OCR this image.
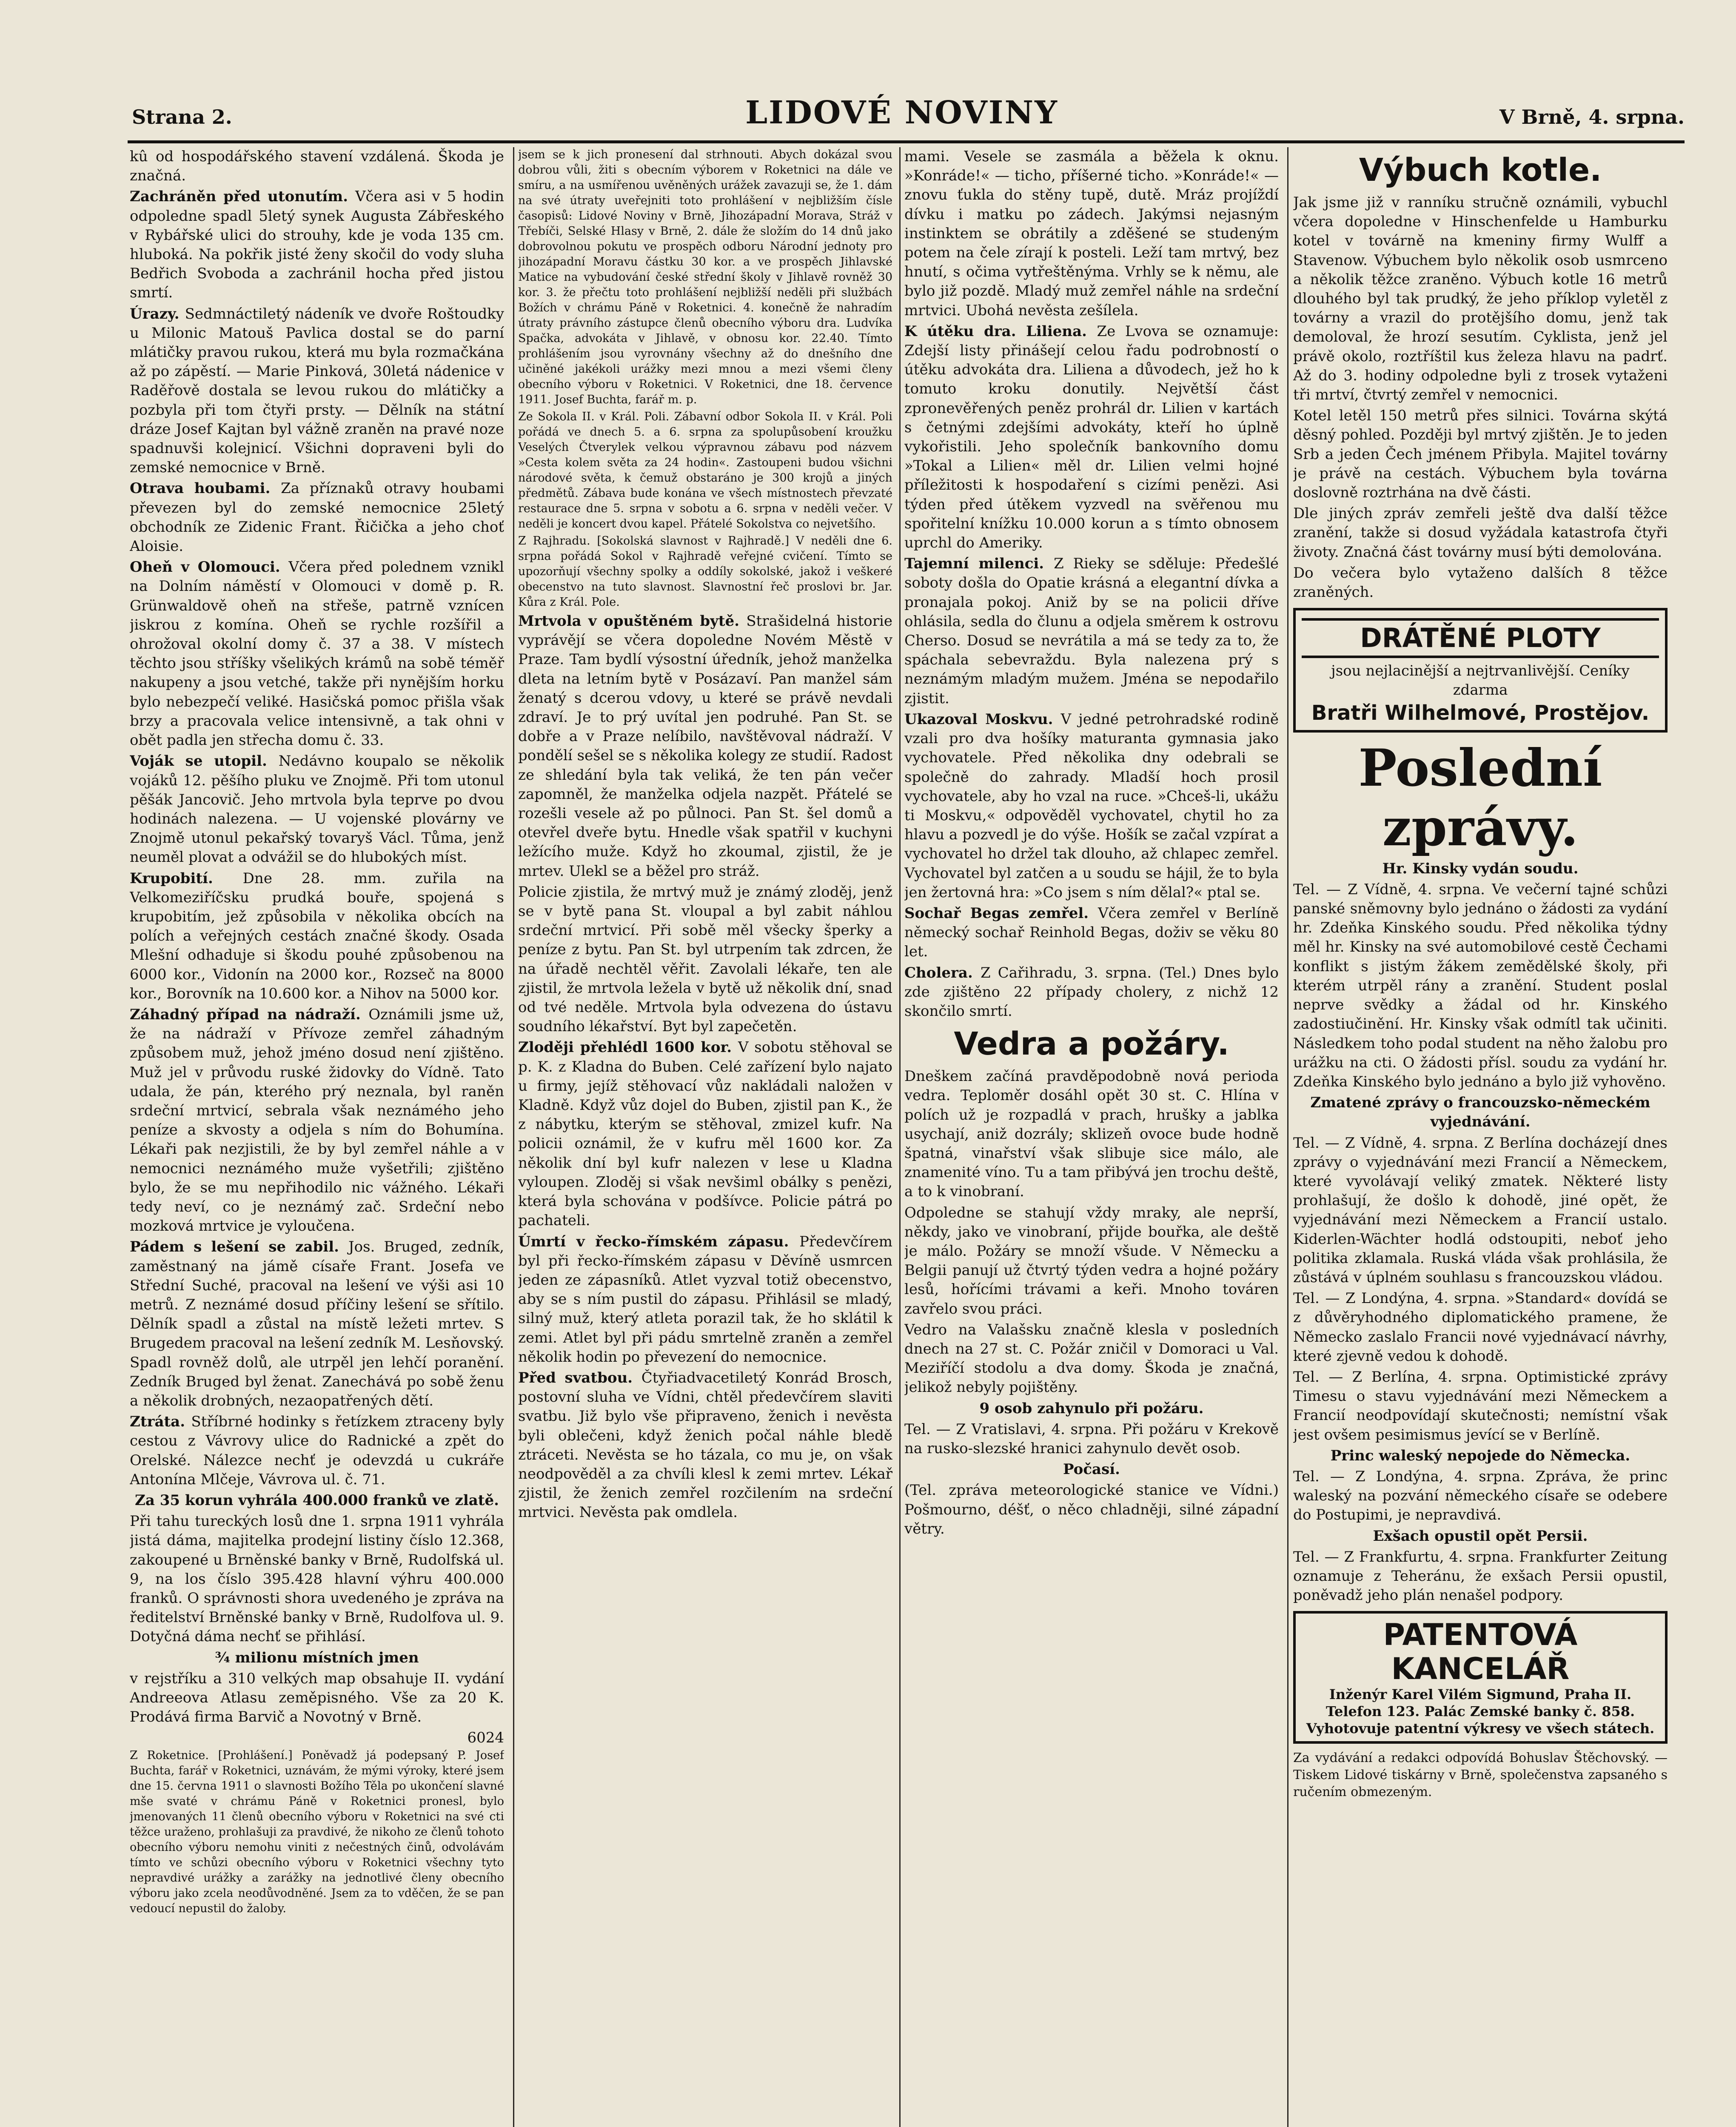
Strana 2.	LIDOVÉ NOVINY	V Brně, 4. srpna.

kû od hospodářského stavení vzdálená. Škoda je značná.

Zachráněn před utonutím. Včera asi v 5 hodin odpoledne spadl 5letý synek Augusta Zábřeského v Rybářské ulici do strouhy, kde je voda 135 cm. hluboká. Na pokřik jisté ženy skočil do vody sluha Bedřich Svoboda a zachránil hocha před jistou smrtí.

Úrazy. Sedmnáctiletý nádeník ve dvoře Roštoudky u Milonic Matouš Pavlica dostal se do parní mlátičky pravou rukou, která mu byla rozmačkána až po zápěstí. — Marie Pinková, 30letá nádenice v Raděřově dostala se levou rukou do mlátičky a pozbyla při tom čtyři prsty. — Dělník na státní dráze Josef Kajtan byl vážně zraněn na pravé noze spadnuvši kolejnicí. Všichni dopraveni byli do zemské nemocnice v Brně.

Otrava houbami. Za příznaků otravy houbami převezen byl do zemské nemocnice 25letý obchodník ze Zidenic Frant. Řičička a jeho choť Aloisie.

Oheň v Olomouci. Včera před polednem vznikl na Dolním náměstí v Olomouci v domě p. R. Grünwaldově oheň na střeše, patrně vznícen jiskrou z komína. Oheň se rychle rozšířil a ohrožoval okolní domy č. 37 a 38. V místech těchto jsou stříšky všelikých krámů na sobě téměř nakupeny a jsou vetché, takže při nynějším horku bylo nebezpečí veliké. Hasičská pomoc přišla však brzy a pracovala velice intensivně, a tak ohni v obět padla jen střecha domu č. 33.

Voják se utopil. Nedávno koupalo se několik vojáků 12. pěšího pluku ve Znojmě. Při tom utonul pěšák Jancovič. Jeho mrtvola byla teprve po dvou hodinách nalezena. — U vojenské plovárny ve Znojmě utonul pekařský tovaryš Václ. Tůma, jenž neuměl plovat a odvážil se do hlubokých míst.

Krupobití. Dne 28. mm. zuřila na Velkomeziříčsku prudká bouře, spojená s krupobitím, jež způsobila v několika obcích na polích a veřejných cestách značné škody. Osada Mlešní odhaduje si škodu pouhé způsobenou na 6000 kor., Vidonín na 2000 kor., Rozseč na 8000 kor., Borovník na 10.600 kor. a Nihov na 5000 kor.

Záhadný případ na nádraží. Oznámili jsme už, že na nádraží v Přívoze zemřel záhadným způsobem muž, jehož jméno dosud není zjištěno. Muž jel v průvodu ruské židovky do Vídně. Tato udala, že pán, kterého prý neznala, byl raněn srdeční mrtvicí, sebrala však neznámého jeho peníze a skvosty a odjela s ním do Bohumína. Lékaři pak nezjistili, že by byl zemřel náhle a v nemocnici neznámého muže vyšetřili; zjištěno bylo, že se mu nepřihodilo nic vážného. Lékaři tedy neví, co je neznámý zač. Srdeční nebo mozková mrtvice je vyloučena.

Pádem s lešení se zabil. Jos. Bruged, zedník, zaměstnaný na jámě císaře Frant. Josefa ve Střední Suché, pracoval na lešení ve výši asi 10 metrů. Z neznámé dosud příčiny lešení se sřítilo. Dělník spadl a zůstal na místě ležeti mrtev. S Brugedem pracoval na lešení zedník M. Lesňovský. Spadl rovněž dolů, ale utrpěl jen lehčí poranění. Zedník Bruged byl ženat. Zanechává po sobě ženu a několik drobných, nezaopatřených dětí.

Ztráta. Stříbrné hodinky s řetízkem ztraceny byly cestou z Vávrovy ulice do Radnické a zpět do Orelské. Nálezce nechť je odevzdá u cukráře Antonína Mlčeje, Vávrova ul. č. 71.

Za 35 korun vyhrála 400.000 franků ve zlatě.

Při tahu tureckých losů dne 1. srpna 1911 vyhrála jistá dáma, majitelka prodejní listiny číslo 12.368, zakoupené u Brněnské banky v Brně, Rudolfská ul. 9, na los číslo 395.428 hlavní výhru 400.000 franků. O správnosti shora uvedeného je zpráva na ředitelství Brněnské banky v Brně, Rudolfova ul. 9. Dotyčná dáma nechť se přihlásí.

¾ milionu místních jmen

v rejstříku a 310 velkých map obsahuje II. vydání Andreeova Atlasu zeměpisného. Vše za 20 K. Prodává firma Barvič a Novotný v Brně.

6024

Z Roketnice. [Prohlášení.] Poněvadž já podepsaný P. Josef Buchta, farář v Roketnici, uznávám, že mými výroky, které jsem dne 15. června 1911 o slavnosti Božího Těla po ukončení slavné mše svaté v chrámu Páně v Roketnici pronesl, bylo jmenovaných 11 členů obecního výboru v Roketnici na své cti těžce uraženo, prohlašuji za pravdivé, že nikoho ze členů tohoto obecního výboru nemohu viniti z nečestných činů, odvolávám tímto ve schůzi obecního výboru v Roketnici všechny tyto nepravdivé urážky a zarážky na jednotlivé členy obecního výboru jako zcela neodůvodněné. Jsem za to vděčen, že se pan vedoucí nepustil do žaloby.

jsem se k jich pronesení dal strhnouti. Abych dokázal svou dobrou vůli, žiti s obecním výborem v Roketnici na dále ve smíru, a na usmířenou uvěněných urážek zavazuji se, že 1. dám na své útraty uveřejniti toto prohlášení v nejbližším čísle časopisů: Lidové Noviny v Brně, Jihozápadní Morava, Stráž v Třebíči, Selské Hlasy v Brně, 2. dále že složím do 14 dnů jako dobrovolnou pokutu ve prospěch odboru Národní jednoty pro jihozápadní Moravu částku 30 kor. a ve prospěch Jihlavské Matice na vybudování české střední školy v Jihlavě rovněž 30 kor. 3. že přečtu toto prohlášení nejbližší neděli při službách Božích v chrámu Páně v Roketnici. 4. konečně že nahradím útraty právního zástupce členů obecního výboru dra. Ludvíka Spačka, advokáta v Jihlavě, v obnosu kor. 22.40. Tímto prohlášením jsou vyrovnány všechny až do dnešního dne učiněné jakékoli urážky mezi mnou a mezi všemi členy obecního výboru v Roketnici. V Roketnici, dne 18. července 1911. Josef Buchta, farář m. p.

Ze Sokola II. v Král. Poli. Zábavní odbor Sokola II. v Král. Poli pořádá ve dnech 5. a 6. srpna za spolupůsobení kroužku Veselých Čtverylek velkou výpravnou zábavu pod názvem »Cesta kolem světa za 24 hodin«. Zastoupeni budou všichni národové světa, k čemuž obstaráno je 300 krojů a jiných předmětů. Zábava bude konána ve všech místnostech převzaté restaurace dne 5. srpna v sobotu a 6. srpna v neděli večer. V neděli je koncert dvou kapel. Přátelé Sokolstva co nejvetšího.

Z Rajhradu. [Sokolská slavnost v Rajhradě.] V neděli dne 6. srpna pořádá Sokol v Rajhradě veřejné cvičení. Tímto se upozorňují všechny spolky a oddíly sokolské, jakož i veškeré obecenstvo na tuto slavnost. Slavnostní řeč proslovi br. Jar. Kůra z Král. Pole.

Mrtvola v opuštěném bytě. Strašidelná historie vyprávějí se včera dopoledne Novém Městě v Praze. Tam bydlí výsostní úředník, jehož manželka dleta na letním bytě v Posázaví. Pan manžel sám ženatý s dcerou vdovy, u které se právě nevdali zdraví. Je to prý uvítal jen podruhé. Pan St. se dobře a v Praze nelíbilo, navštěvoval nádraží. V pondělí sešel se s několika kolegy ze studií. Radost ze shledání byla tak veliká, že ten pán večer zapomněl, že manželka odjela nazpět. Přátelé se rozešli vesele až po půlnoci. Pan St. šel domů a otevřel dveře bytu. Hnedle však spatřil v kuchyni ležícího muže. Když ho zkoumal, zjistil, že je mrtev. Ulekl se a běžel pro stráž.

Policie zjistila, že mrtvý muž je známý zloděj, jenž se v bytě pana St. vloupal a byl zabit náhlou srdeční mrtvicí. Při sobě měl všecky šperky a peníze z bytu. Pan St. byl utrpením tak zdrcen, že na úřadě nechtěl věřit. Zavolali lékaře, ten ale zjistil, že mrtvola ležela v bytě už několik dní, snad od tvé neděle. Mrtvola byla odvezena do ústavu soudního lékařství. Byt byl zapečetěn.

Zloději přehlédl 1600 kor. V sobotu stěhoval se p. K. z Kladna do Buben. Celé zařízení bylo najato u firmy, jejíž stěhovací vůz nakládali naložen v Kladně. Když vůz dojel do Buben, zjistil pan K., že z nábytku, kterým se stěhoval, zmizel kufr. Na policii oznámil, že v kufru měl 1600 kor. Za několik dní byl kufr nalezen v lese u Kladna vyloupen. Zloděj si však nevšiml obálky s penězi, která byla schována v podšívce. Policie pátrá po pachateli.

Úmrtí v řecko-římském zápasu. Předevčírem byl při řecko-římském zápasu v Děvíně usmrcen jeden ze zápasníků. Atlet vyzval totiž obecenstvo, aby se s ním pustil do zápasu. Přihlásil se mladý, silný muž, který atleta porazil tak, že ho sklátil k zemi. Atlet byl při pádu smrtelně zraněn a zemřel několik hodin po převezení do nemocnice.

Před svatbou. Čtyřiadvacetiletý Konrád Brosch, postovní sluha ve Vídni, chtěl předevčírem slaviti svatbu. Již bylo vše připraveno, ženich i nevěsta byli oblečeni, když ženich počal náhle bledě ztráceti. Nevěsta se ho tázala, co mu je, on však neodpověděl a za chvíli klesl k zemi mrtev. Lékař zjistil, že ženich zemřel rozčilením na srdeční mrtvici. Nevěsta pak omdlela.

mami. Vesele se zasmála a běžela k oknu. »Konráde!« — ticho, příšerné ticho. »Konráde!« — znovu ťukla do stěny tupě, dutě. Mráz projíždí dívku i matku po zádech. Jakýmsi nejasným instinktem se obrátily a zděšené se studeným potem na čele zírají k posteli. Leží tam mrtvý, bez hnutí, s očima vytřeštěnýma. Vrhly se k němu, ale bylo již pozdě. Mladý muž zemřel náhle na srdeční mrtvici. Ubohá nevěsta zešílela.

K útěku dra. Liliena. Ze Lvova se oznamuje: Zdejší listy přinášejí celou řadu podrobností o útěku advokáta dra. Liliena a důvodech, jež ho k tomuto kroku donutily. Největší část zpronevěřených peněz prohrál dr. Lilien v kartách s četnými zdejšími advokáty, kteří ho úplně vykořistili. Jeho společník bankovního domu »Tokal a Lilien« měl dr. Lilien velmi hojné příležitosti k hospodaření s cizími penězi. Asi týden před útěkem vyzvedl na svěřenou mu spořitelní knížku 10.000 korun a s tímto obnosem uprchl do Ameriky.

Tajemní milenci. Z Rieky se sděluje: Předešlé soboty došla do Opatie krásná a elegantní dívka a pronajala pokoj. Aniž by se na policii dříve ohlásila, sedla do člunu a odjela směrem k ostrovu Cherso. Dosud se nevrátila a má se tedy za to, že spáchala sebevraždu. Byla nalezena prý s neznámým mladým mužem. Jména se nepodařilo zjistit.

Ukazoval Moskvu. V jedné petrohradské rodině vzali pro dva hošíky maturanta gymnasia jako vychovatele. Před několika dny odebrali se společně do zahrady. Mladší hoch prosil vychovatele, aby ho vzal na ruce. »Chceš-li, ukážu ti Moskvu,« odpověděl vychovatel, chytil ho za hlavu a pozvedl je do výše. Hošík se začal vzpírat a vychovatel ho držel tak dlouho, až chlapec zemřel. Vychovatel byl zatčen a u soudu se hájil, že to byla jen žertovná hra: »Co jsem s ním dělal?« ptal se.

Sochař Begas zemřel. Včera zemřel v Berlíně německý sochař Reinhold Begas, doživ se věku 80 let.

Cholera. Z Cařihradu, 3. srpna. (Tel.) Dnes bylo zde zjištěno 22 případy cholery, z nichž 12 skončilo smrtí.

Vedra a požáry.

Dneškem začíná pravděpodobně nová perioda vedra. Teploměr dosáhl opět 30 st. C. Hlína v polích už je rozpadlá v prach, hrušky a jablka usychají, aniž dozrály; sklizeň ovoce bude hodně špatná, vinařství však slibuje sice málo, ale znamenité víno. Tu a tam přibývá jen trochu deště, a to k vinobraní.

Odpoledne se stahují vždy mraky, ale neprší, někdy, jako ve vinobraní, přijde bouřka, ale deště je málo. Požáry se množí všude. V Německu a Belgii panují už čtvrtý týden vedra a hojné požáry lesů, hořícími trávami a keři. Mnoho továren zavřelo svou práci.

Vedro na Valašsku značně klesla v posledních dnech na 27 st. C. Požár zničil v Domoraci u Val. Meziříčí stodolu a dva domy. Škoda je značná, jelikož nebyly pojištěny.

9 osob zahynulo při požáru.

Tel. — Z Vratislavi, 4. srpna. Při požáru v Krekově na rusko-slezské hranici zahynulo devět osob.

Počasí.

(Tel. zpráva meteorologické stanice ve Vídni.) Pošmourno, déšť, o něco chladněji, silné západní větry.

Výbuch kotle.

Jak jsme již v ranníku stručně oznámili, vybuchl včera dopoledne v Hinschenfelde u Hamburku kotel v továrně na kmeniny firmy Wulff a Stavenow. Výbuchem bylo několik osob usmrceno a několik těžce zraněno. Výbuch kotle 16 metrů dlouhého byl tak prudký, že jeho příklop vyletěl z továrny a vrazil do protějšího domu, jenž tak demoloval, že hrozí sesutím. Cyklista, jenž jel právě okolo, roztříštil kus železa hlavu na padrť. Až do 3. hodiny odpoledne byli z trosek vytaženi tři mrtví, čtvrtý zemřel v nemocnici.

Kotel letěl 150 metrů přes silnici. Továrna skýtá děsný pohled. Později byl mrtvý zjištěn. Je to jeden Srb a jeden Čech jménem Přibyla. Majitel továrny je právě na cestách. Výbuchem byla továrna doslovně roztrhána na dvě části.

Dle jiných zpráv zemřeli ještě dva další těžce zranění, takže si dosud vyžádala katastrofa čtyři životy. Značná část továrny musí býti demolována.

Do večera bylo vytaženo dalších 8 těžce zraněných.

DRÁTĚNÉ PLOTY
jsou nejlacinější a nejtrvanlivější. Ceníky zdarma
Bratři Wilhelmové, Prostějov.
Poslední zprávy.
Hr. Kinsky vydán soudu.

Tel. — Z Vídně, 4. srpna. Ve večerní tajné schůzi panské sněmovny bylo jednáno o žádosti za vydání hr. Zdeňka Kinského soudu. Před několika týdny měl hr. Kinsky na své automobilové cestě Čechami konflikt s jistým žákem zemědělské školy, při kterém utrpěl rány a zranění. Student poslal neprve svědky a žádal od hr. Kinského zadostiučinění. Hr. Kinsky však odmítl tak učiniti. Následkem toho podal student na něho žalobu pro urážku na cti. O žádosti přísl. soudu za vydání hr. Zdeňka Kinského bylo jednáno a bylo již vyhověno.

Zmatené zprávy o francouzsko-německém vyjednávání.

Tel. — Z Vídně, 4. srpna. Z Berlína docházejí dnes zprávy o vyjednávání mezi Francií a Německem, které vyvolávají veliký zmatek. Některé listy prohlašují, že došlo k dohodě, jiné opět, že vyjednávání mezi Německem a Francií ustalo. Kiderlen-Wächter hodlá odstoupiti, neboť jeho politika zklamala. Ruská vláda však prohlásila, že zůstává v úplném souhlasu s francouzskou vládou.

Tel. — Z Londýna, 4. srpna. »Standard« dovídá se z důvěryhodného diplomatického pramene, že Německo zaslalo Francii nové vyjednávací návrhy, které zjevně vedou k dohodě.

Tel. — Z Berlína, 4. srpna. Optimistické zprávy Timesu o stavu vyjednávání mezi Německem a Francií neodpovídají skutečnosti; nemístní však jest ovšem pesimismus jevící se v Berlíně.

Princ waleský nepojede do Německa.

Tel. — Z Londýna, 4. srpna. Zpráva, že princ waleský na pozvání německého císaře se odebere do Postupimi, je nepravdivá.

Exšach opustil opět Persii.

Tel. — Z Frankfurtu, 4. srpna. Frankfurter Zeitung oznamuje z Teheránu, že exšach Persii opustil, poněvadž jeho plán nenašel podpory.

PATENTOVÁ KANCELÁŘ
Inženýr Karel Vilém Sigmund, Praha II.
Telefon 123. Palác Zemské banky č. 858.
Vyhotovuje patentní výkresy ve všech státech.
Za vydávání a redakci odpovídá Bohuslav Štěchovský. — Tiskem Lidové tiskárny v Brně, společenstva zapsaného s ručením obmezeným.
